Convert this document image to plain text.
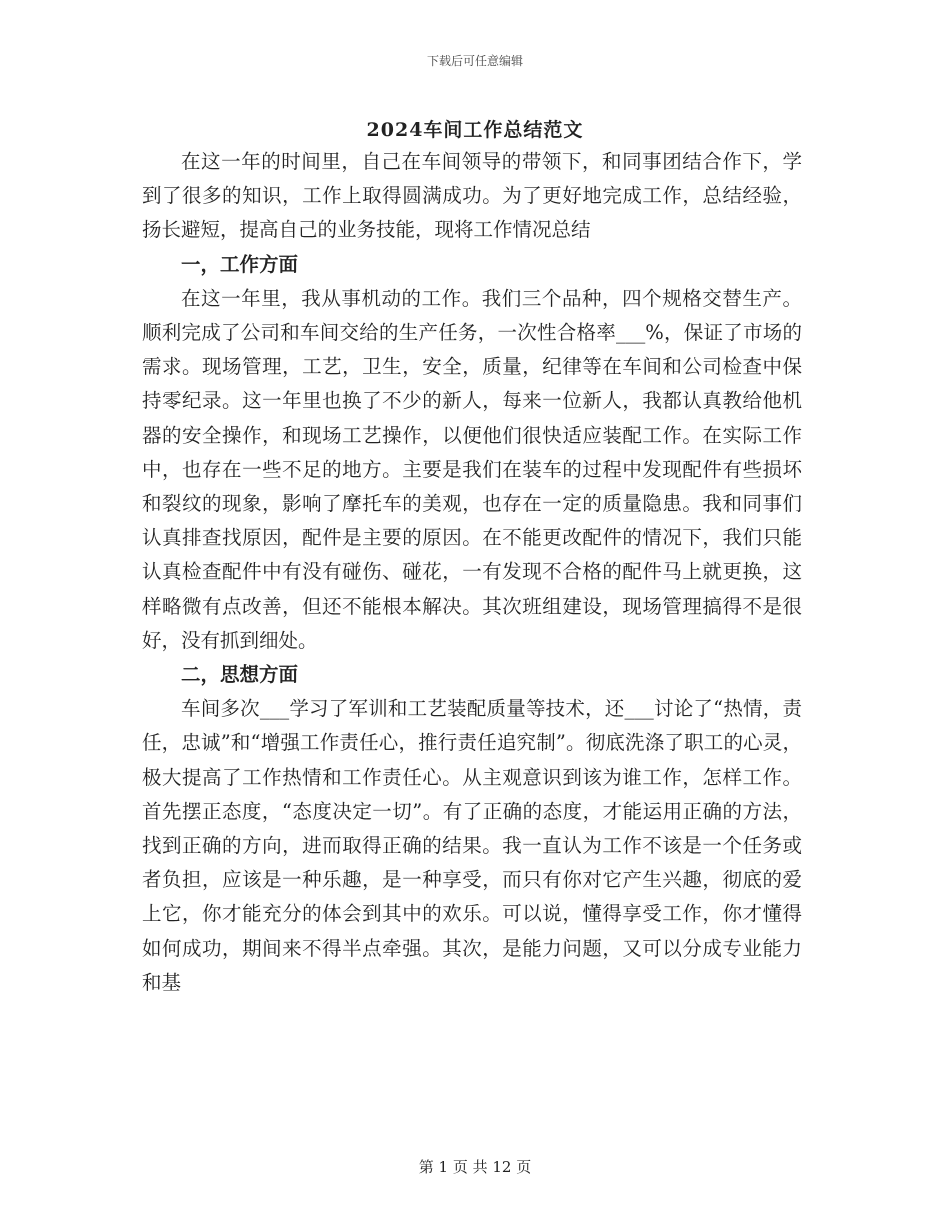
下载后可任意编辑
2024车间工作总结范文

在这一年的时间里，自己在车间领导的带领下，和同事团结合作下，学到了很多的知识，工作上取得圆满成功。为了更好地完成工作，总结经验，扬长避短，提高自己的业务技能，现将工作情况总结

一，工作方面

在这一年里，我从事机动的工作。我们三个品种，四个规格交替生产。顺利完成了公司和车间交给的生产任务，一次性合格率___%，保证了市场的需求。现场管理，工艺，卫生，安全，质量，纪律等在车间和公司检查中保持零纪录。这一年里也换了不少的新人，每来一位新人，我都认真教给他机器的安全操作，和现场工艺操作，以便他们很快适应装配工作。在实际工作中，也存在一些不足的地方。主要是我们在装车的过程中发现配件有些损坏和裂纹的现象，影响了摩托车的美观，也存在一定的质量隐患。我和同事们认真排查找原因，配件是主要的原因。在不能更改配件的情况下，我们只能认真检查配件中有没有碰伤、碰花，一有发现不合格的配件马上就更换，这样略微有点改善，但还不能根本解决。其次班组建设，现场管理搞得不是很好，没有抓到细处。

二，思想方面

车间多次___学习了军训和工艺装配质量等技术，还___讨论了“热情，责任，忠诚”和“增强工作责任心，推行责任追究制”。彻底洗涤了职工的心灵，极大提高了工作热情和工作责任心。从主观意识到该为谁工作，怎样工作。首先摆正态度，“态度决定一切”。有了正确的态度，才能运用正确的方法，找到正确的方向，进而取得正确的结果。我一直认为工作不该是一个任务或者负担，应该是一种乐趣，是一种享受，而只有你对它产生兴趣，彻底的爱上它，你才能充分的体会到其中的欢乐。可以说，懂得享受工作，你才懂得如何成功，期间来不得半点牵强。其次，是能力问题，又可以分成专业能力和基

第 1 页 共 12 页
